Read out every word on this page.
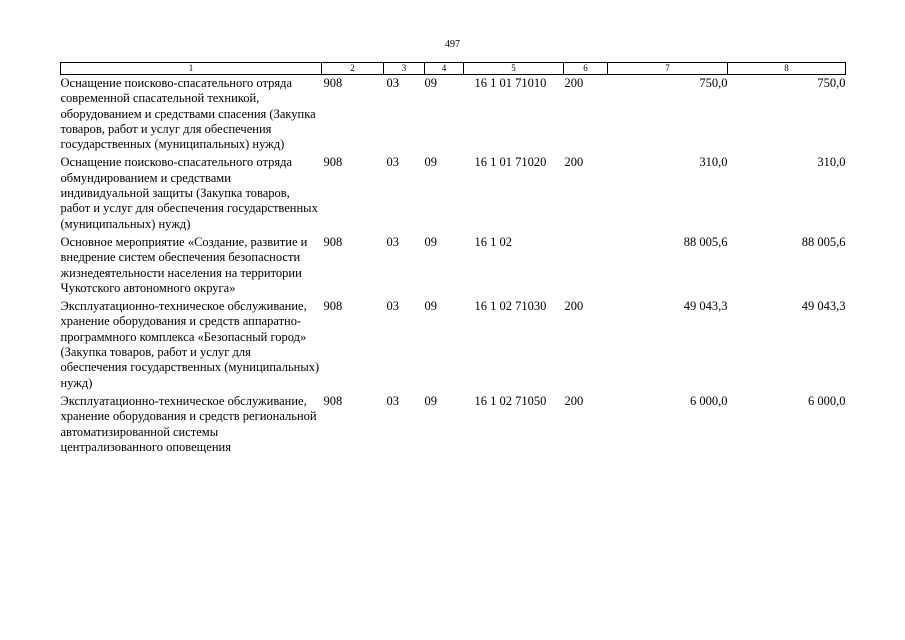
497
1	2	3	4	5	6	7	8
Оснащение поисково-спасательного отряда современной спасательной техникой, оборудованием и средствами спасения (Закупка товаров, работ и услуг для обеспечения государственных (муниципальных) нужд)	908	03	09	16 1 01 71010	200	750,0	750,0
Оснащение поисково-спасательного отряда обмундированием и средствами индивидуальной защиты (Закупка товаров, работ и услуг для обеспечения государственных (муниципальных) нужд)	908	03	09	16 1 01 71020	200	310,0	310,0
Основное мероприятие «Создание, развитие и внедрение систем обеспечения безопасности жизнедеятельности населения на территории Чукотского автономного округа»	908	03	09	16 1 02		88 005,6	88 005,6
Эксплуатационно-техническое обслуживание, хранение оборудования и средств аппаратно-программного комплекса «Безопасный город» (Закупка товаров, работ и услуг для обеспечения государственных (муниципальных) нужд)	908	03	09	16 1 02 71030	200	49 043,3	49 043,3
Эксплуатационно-техническое обслуживание, хранение оборудования и средств региональной автоматизированной системы централизованного оповещения	908	03	09	16 1 02 71050	200	6 000,0	6 000,0
